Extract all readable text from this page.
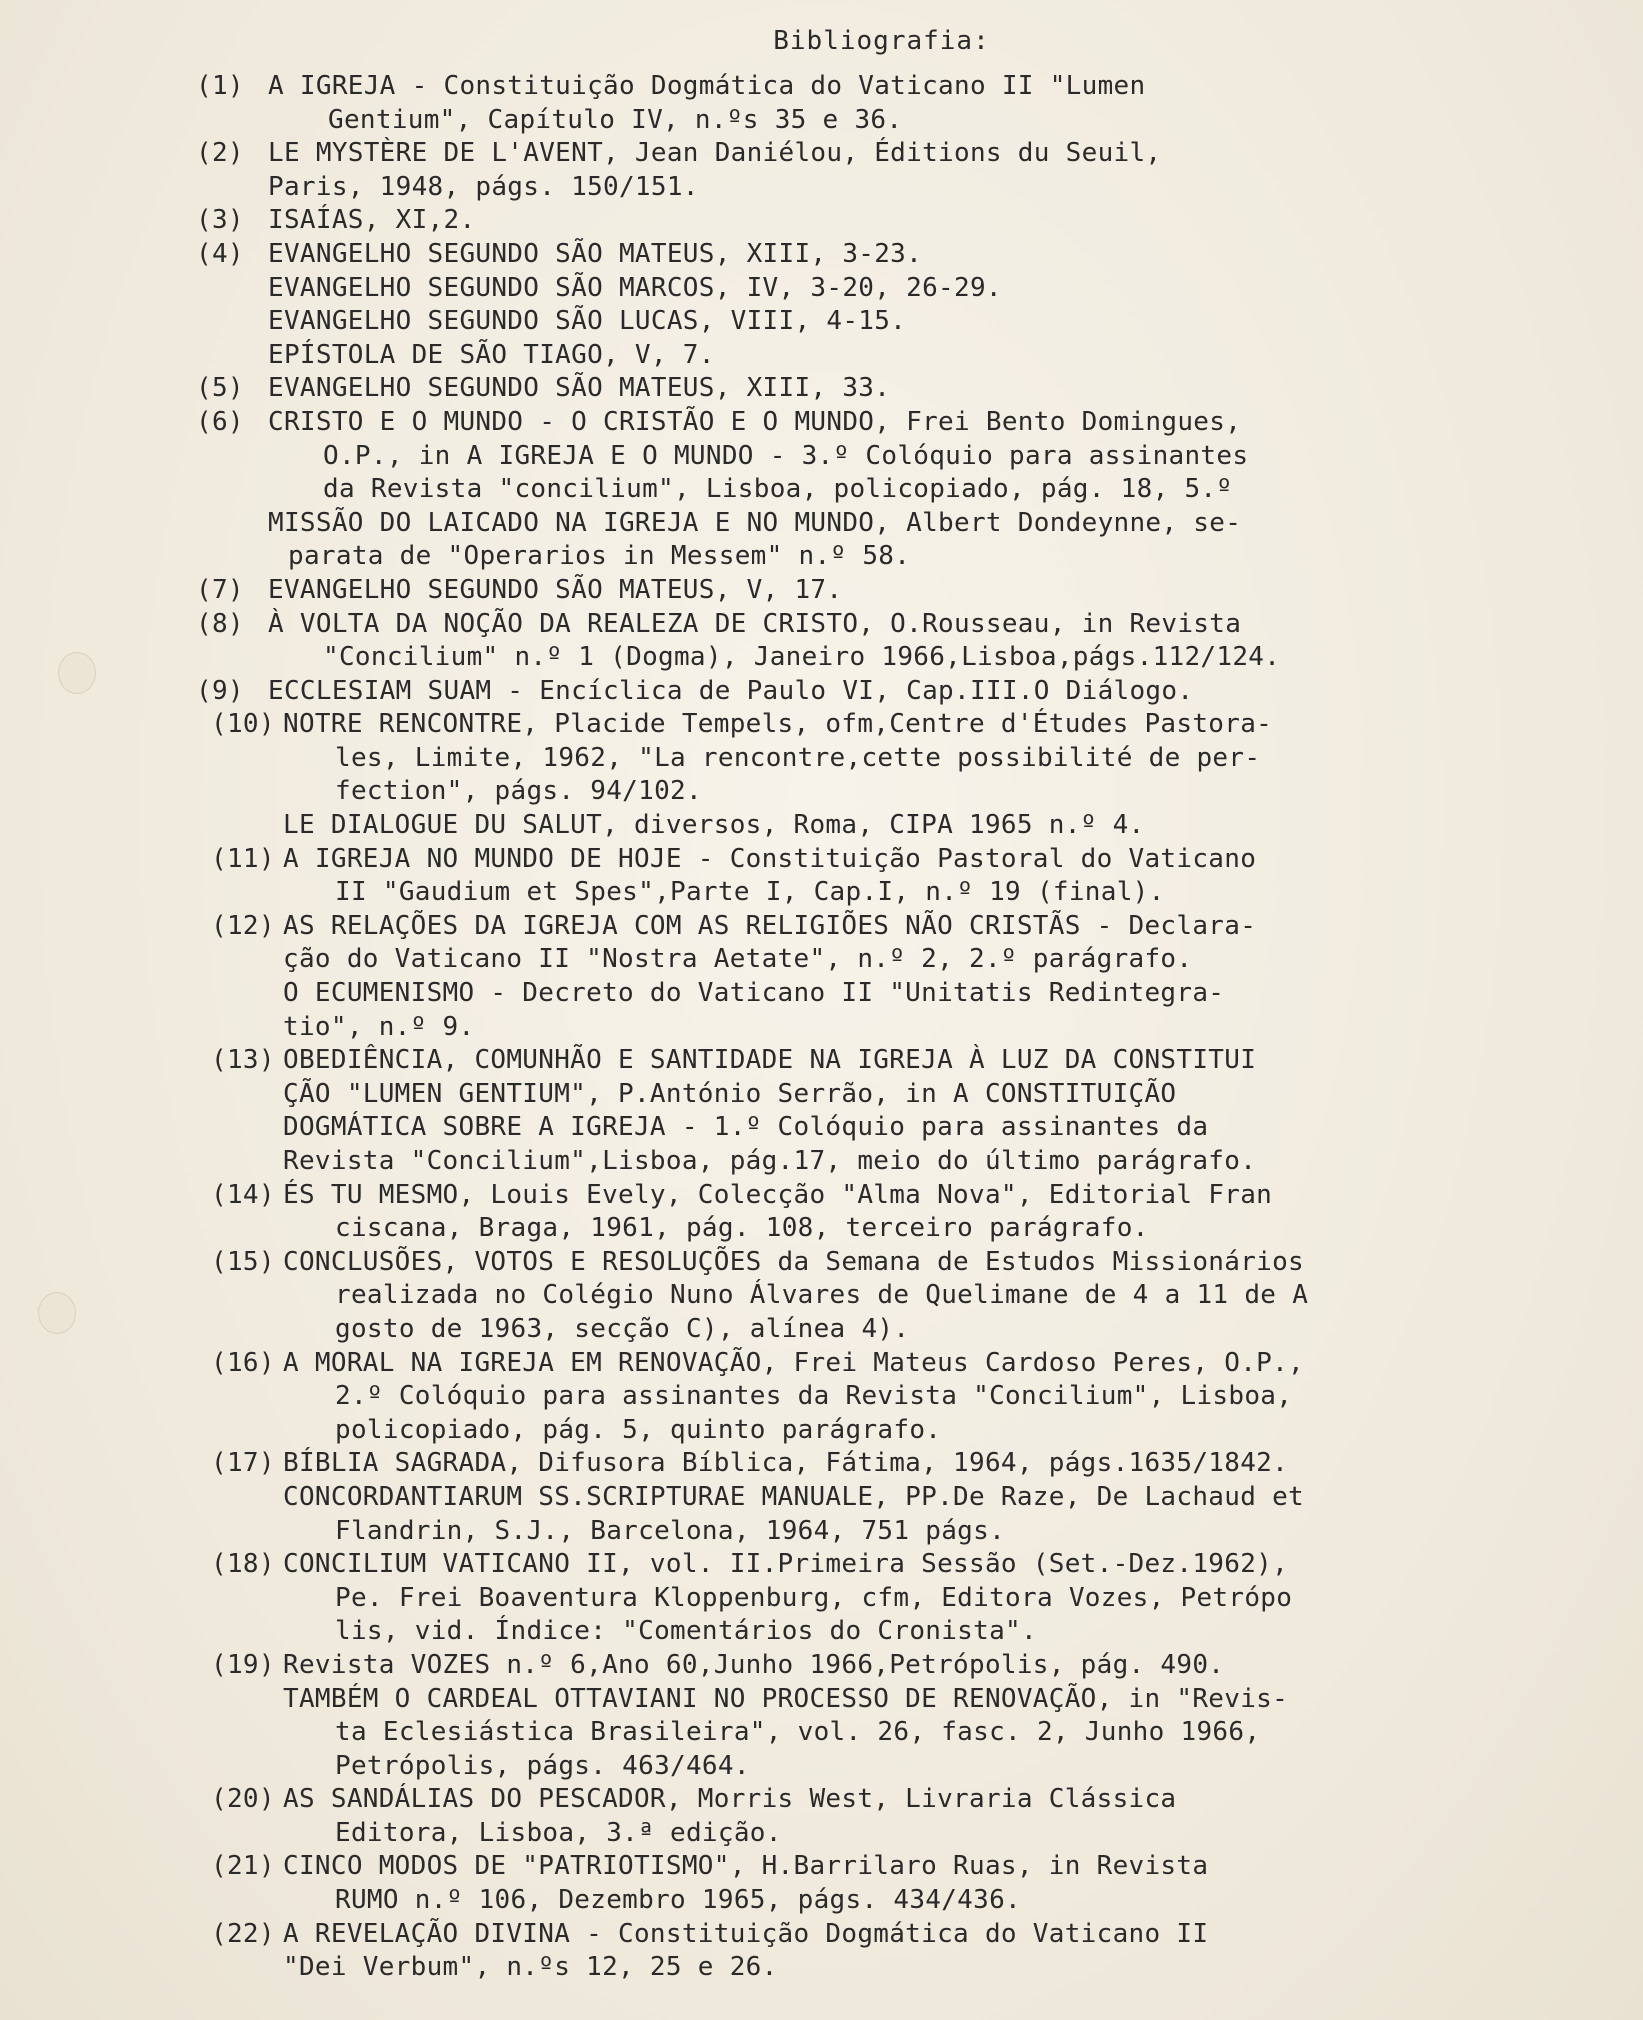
Bibliografia:
(1) A IGREJA - Constituição Dogmática do Vaticano II "Lumen
Gentium", Capítulo IV, n.ºs 35 e 36.
(2) LE MYSTÈRE DE L'AVENT, Jean Daniélou, Éditions du Seuil,
Paris, 1948, págs. 150/151.
(3) ISAÍAS, XI,2.
(4) EVANGELHO SEGUNDO SÃO MATEUS, XIII, 3-23.
EVANGELHO SEGUNDO SÃO MARCOS, IV, 3-20, 26-29.
EVANGELHO SEGUNDO SÃO LUCAS, VIII, 4-15.
EPÍSTOLA DE SÃO TIAGO, V, 7.
(5) EVANGELHO SEGUNDO SÃO MATEUS, XIII, 33.
(6) CRISTO E O MUNDO - O CRISTÃO E O MUNDO, Frei Bento Domingues,
O.P., in A IGREJA E O MUNDO - 3.º Colóquio para assinantes
da Revista "concilium", Lisboa, policopiado, pág. 18, 5.º
MISSÃO DO LAICADO NA IGREJA E NO MUNDO, Albert Dondeynne, se-
parata de "Operarios in Messem" n.º 58.
(7) EVANGELHO SEGUNDO SÃO MATEUS, V, 17.
(8) À VOLTA DA NOÇÃO DA REALEZA DE CRISTO, O.Rousseau, in Revista
"Concilium" n.º 1 (Dogma), Janeiro 1966,Lisboa,págs.112/124.
(9) ECCLESIAM SUAM - Encíclica de Paulo VI, Cap.III.O Diálogo.
(10) NOTRE RENCONTRE, Placide Tempels, ofm,Centre d'Études Pastora-
les, Limite, 1962, "La rencontre,cette possibilité de per-
fection", págs. 94/102.
LE DIALOGUE DU SALUT, diversos, Roma, CIPA 1965 n.º 4.
(11) A IGREJA NO MUNDO DE HOJE - Constituição Pastoral do Vaticano
II "Gaudium et Spes",Parte I, Cap.I, n.º 19 (final).
(12) AS RELAÇÕES DA IGREJA COM AS RELIGIÕES NÃO CRISTÃS - Declara-
ção do Vaticano II "Nostra Aetate", n.º 2, 2.º parágrafo.
O ECUMENISMO - Decreto do Vaticano II "Unitatis Redintegra-
tio", n.º 9.
(13) OBEDIÊNCIA, COMUNHÃO E SANTIDADE NA IGREJA À LUZ DA CONSTITUI
ÇÃO "LUMEN GENTIUM", P.António Serrão, in A CONSTITUIÇÃO
DOGMÁTICA SOBRE A IGREJA - 1.º Colóquio para assinantes da
Revista "Concilium",Lisboa, pág.17, meio do último parágrafo.
(14) ÉS TU MESMO, Louis Evely, Colecção "Alma Nova", Editorial Fran
ciscana, Braga, 1961, pág. 108, terceiro parágrafo.
(15) CONCLUSÕES, VOTOS E RESOLUÇÕES da Semana de Estudos Missionários
realizada no Colégio Nuno Álvares de Quelimane de 4 a 11 de A
gosto de 1963, secção C), alínea 4).
(16) A MORAL NA IGREJA EM RENOVAÇÃO, Frei Mateus Cardoso Peres, O.P.,
2.º Colóquio para assinantes da Revista "Concilium", Lisboa,
policopiado, pág. 5, quinto parágrafo.
(17) BÍBLIA SAGRADA, Difusora Bíblica, Fátima, 1964, págs.1635/1842.
CONCORDANTIARUM SS.SCRIPTURAE MANUALE, PP.De Raze, De Lachaud et
Flandrin, S.J., Barcelona, 1964, 751 págs.
(18) CONCILIUM VATICANO II, vol. II.Primeira Sessão (Set.-Dez.1962),
Pe. Frei Boaventura Kloppenburg, cfm, Editora Vozes, Petrópo
lis, vid. Índice: "Comentários do Cronista".
(19) Revista VOZES n.º 6,Ano 60,Junho 1966,Petrópolis, pág. 490.
TAMBÉM O CARDEAL OTTAVIANI NO PROCESSO DE RENOVAÇÃO, in "Revis-
ta Eclesiástica Brasileira", vol. 26, fasc. 2, Junho 1966,
Petrópolis, págs. 463/464.
(20) AS SANDÁLIAS DO PESCADOR, Morris West, Livraria Clássica
Editora, Lisboa, 3.ª edição.
(21) CINCO MODOS DE "PATRIOTISMO", H.Barrilaro Ruas, in Revista
RUMO n.º 106, Dezembro 1965, págs. 434/436.
(22) A REVELAÇÃO DIVINA - Constituição Dogmática do Vaticano II
"Dei Verbum", n.ºs 12, 25 e 26.
